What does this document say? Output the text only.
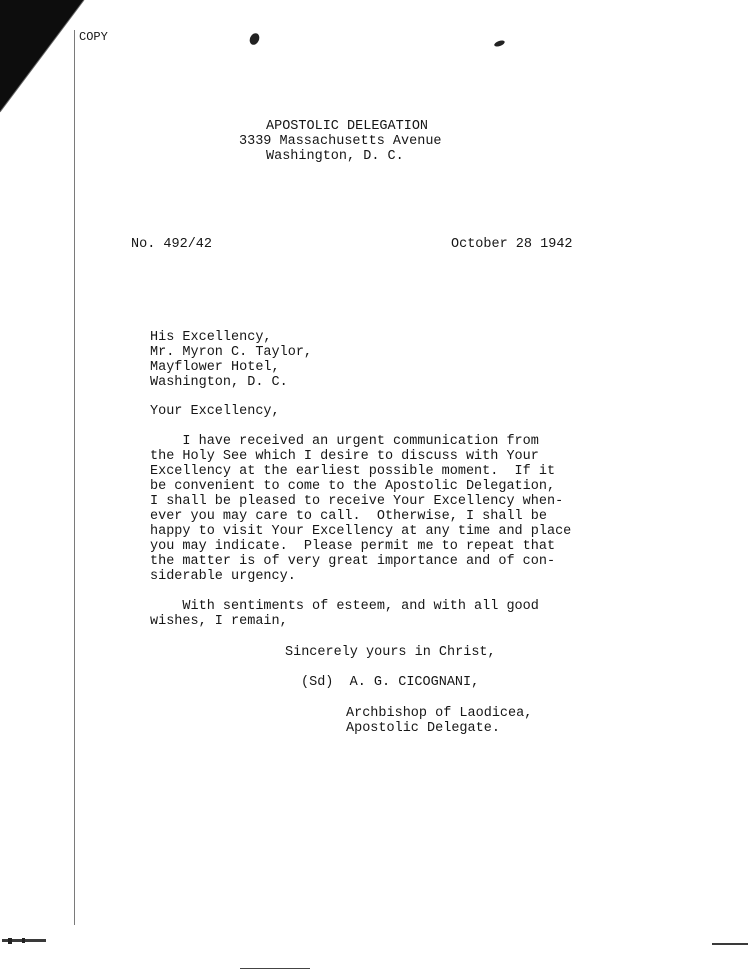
COPY
APOSTOLIC DELEGATION
3339 Massachusetts Avenue
Washington, D. C.
No. 492/42	October 28 1942
His Excellency,
Mr. Myron C. Taylor,
Mayflower Hotel,
Washington, D. C.
Your Excellency,
I have received an urgent communication from
the Holy See which I desire to discuss with Your
Excellency at the earliest possible moment.  If it
be convenient to come to the Apostolic Delegation,
I shall be pleased to receive Your Excellency when-
ever you may care to call.  Otherwise, I shall be
happy to visit Your Excellency at any time and place
you may indicate.  Please permit me to repeat that
the matter is of very great importance and of con-
siderable urgency.
With sentiments of esteem, and with all good
wishes, I remain,
Sincerely yours in Christ,
(Sd)  A. G. CICOGNANI,
Archbishop of Laodicea,
Apostolic Delegate.
